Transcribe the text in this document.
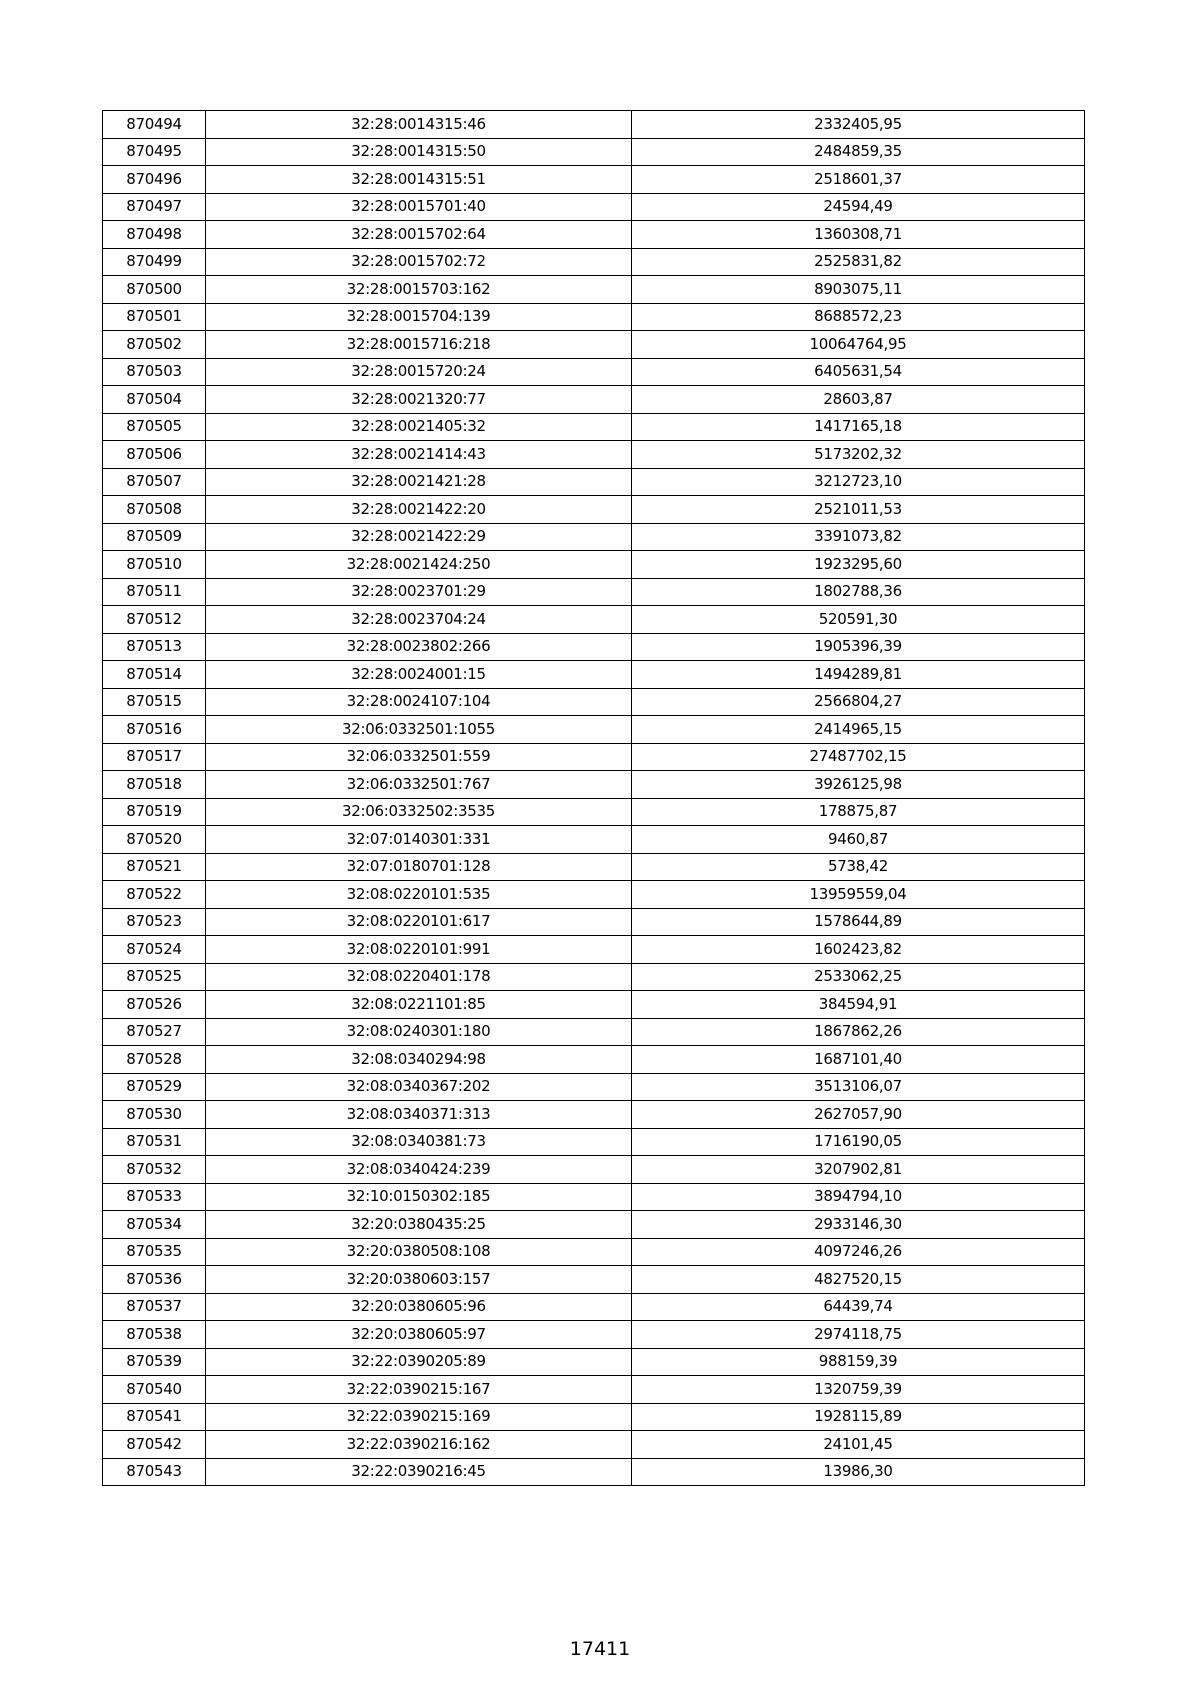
870494	32:28:0014315:46	2332405,95
870495	32:28:0014315:50	2484859,35
870496	32:28:0014315:51	2518601,37
870497	32:28:0015701:40	24594,49
870498	32:28:0015702:64	1360308,71
870499	32:28:0015702:72	2525831,82
870500	32:28:0015703:162	8903075,11
870501	32:28:0015704:139	8688572,23
870502	32:28:0015716:218	10064764,95
870503	32:28:0015720:24	6405631,54
870504	32:28:0021320:77	28603,87
870505	32:28:0021405:32	1417165,18
870506	32:28:0021414:43	5173202,32
870507	32:28:0021421:28	3212723,10
870508	32:28:0021422:20	2521011,53
870509	32:28:0021422:29	3391073,82
870510	32:28:0021424:250	1923295,60
870511	32:28:0023701:29	1802788,36
870512	32:28:0023704:24	520591,30
870513	32:28:0023802:266	1905396,39
870514	32:28:0024001:15	1494289,81
870515	32:28:0024107:104	2566804,27
870516	32:06:0332501:1055	2414965,15
870517	32:06:0332501:559	27487702,15
870518	32:06:0332501:767	3926125,98
870519	32:06:0332502:3535	178875,87
870520	32:07:0140301:331	9460,87
870521	32:07:0180701:128	5738,42
870522	32:08:0220101:535	13959559,04
870523	32:08:0220101:617	1578644,89
870524	32:08:0220101:991	1602423,82
870525	32:08:0220401:178	2533062,25
870526	32:08:0221101:85	384594,91
870527	32:08:0240301:180	1867862,26
870528	32:08:0340294:98	1687101,40
870529	32:08:0340367:202	3513106,07
870530	32:08:0340371:313	2627057,90
870531	32:08:0340381:73	1716190,05
870532	32:08:0340424:239	3207902,81
870533	32:10:0150302:185	3894794,10
870534	32:20:0380435:25	2933146,30
870535	32:20:0380508:108	4097246,26
870536	32:20:0380603:157	4827520,15
870537	32:20:0380605:96	64439,74
870538	32:20:0380605:97	2974118,75
870539	32:22:0390205:89	988159,39
870540	32:22:0390215:167	1320759,39
870541	32:22:0390215:169	1928115,89
870542	32:22:0390216:162	24101,45
870543	32:22:0390216:45	13986,30
17411
